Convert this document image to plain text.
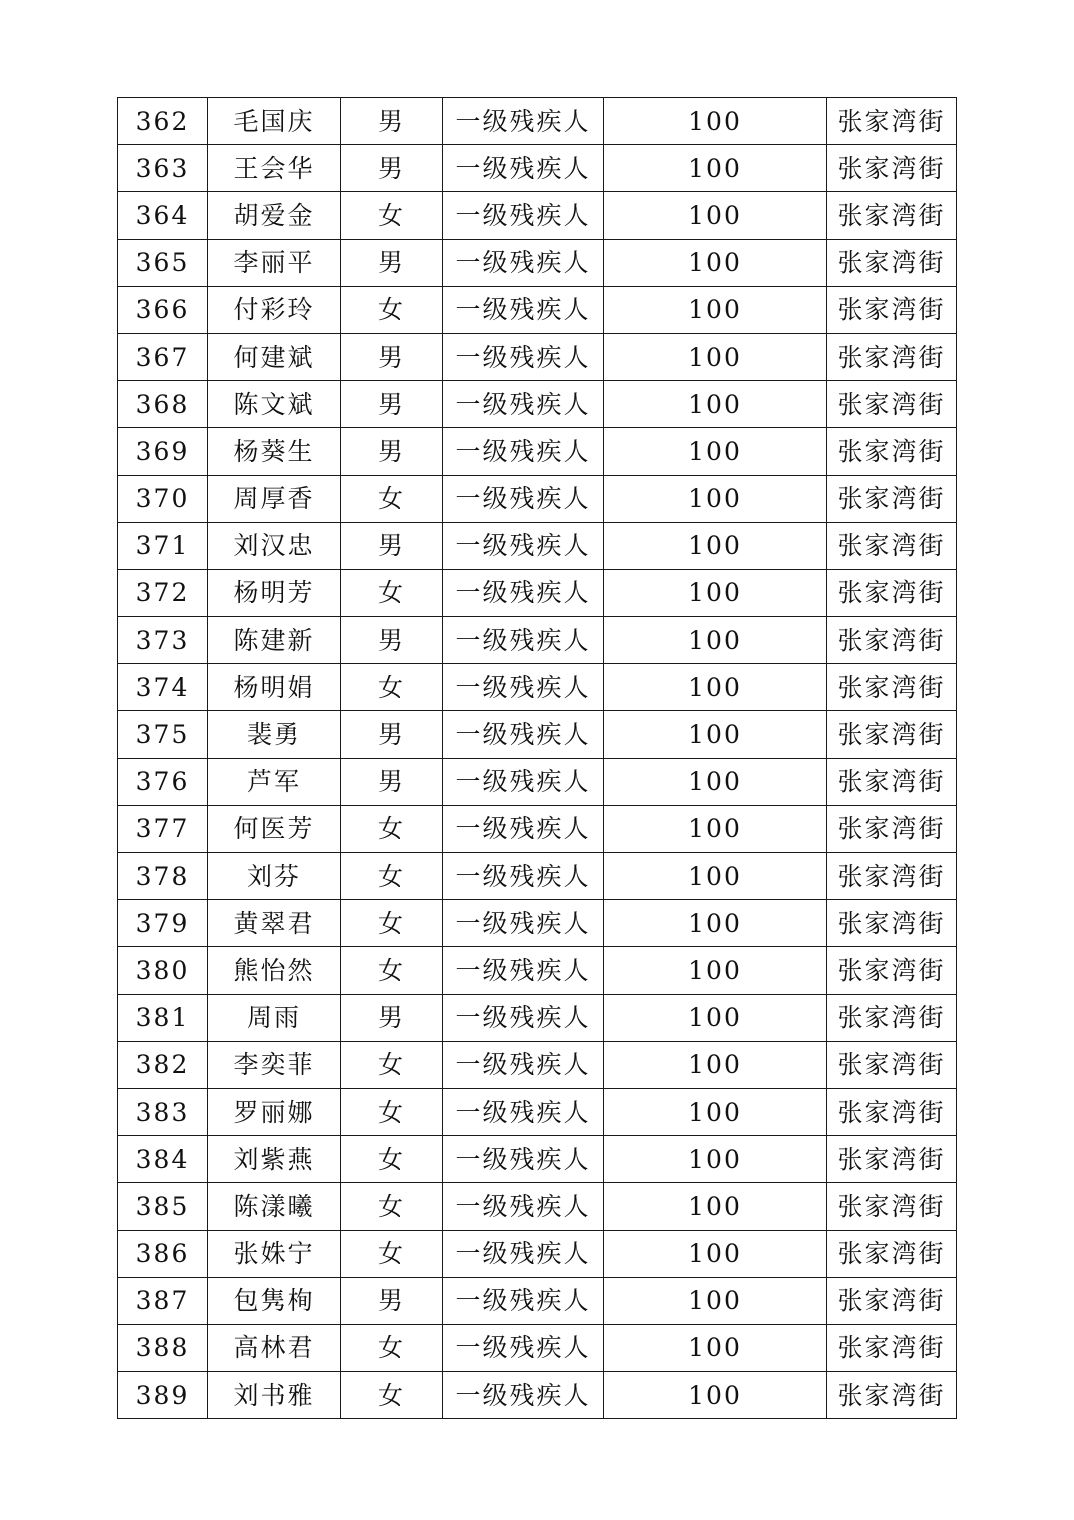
362	毛国庆	男	一级残疾人	100	张家湾街
363	王会华	男	一级残疾人	100	张家湾街
364	胡爱金	女	一级残疾人	100	张家湾街
365	李丽平	男	一级残疾人	100	张家湾街
366	付彩玲	女	一级残疾人	100	张家湾街
367	何建斌	男	一级残疾人	100	张家湾街
368	陈文斌	男	一级残疾人	100	张家湾街
369	杨葵生	男	一级残疾人	100	张家湾街
370	周厚香	女	一级残疾人	100	张家湾街
371	刘汉忠	男	一级残疾人	100	张家湾街
372	杨明芳	女	一级残疾人	100	张家湾街
373	陈建新	男	一级残疾人	100	张家湾街
374	杨明娟	女	一级残疾人	100	张家湾街
375	裴勇	男	一级残疾人	100	张家湾街
376	芦军	男	一级残疾人	100	张家湾街
377	何医芳	女	一级残疾人	100	张家湾街
378	刘芬	女	一级残疾人	100	张家湾街
379	黄翠君	女	一级残疾人	100	张家湾街
380	熊怡然	女	一级残疾人	100	张家湾街
381	周雨	男	一级残疾人	100	张家湾街
382	李奕菲	女	一级残疾人	100	张家湾街
383	罗丽娜	女	一级残疾人	100	张家湾街
384	刘紫燕	女	一级残疾人	100	张家湾街
385	陈漾曦	女	一级残疾人	100	张家湾街
386	张姝宁	女	一级残疾人	100	张家湾街
387	包隽栒	男	一级残疾人	100	张家湾街
388	高林君	女	一级残疾人	100	张家湾街
389	刘书雅	女	一级残疾人	100	张家湾街
